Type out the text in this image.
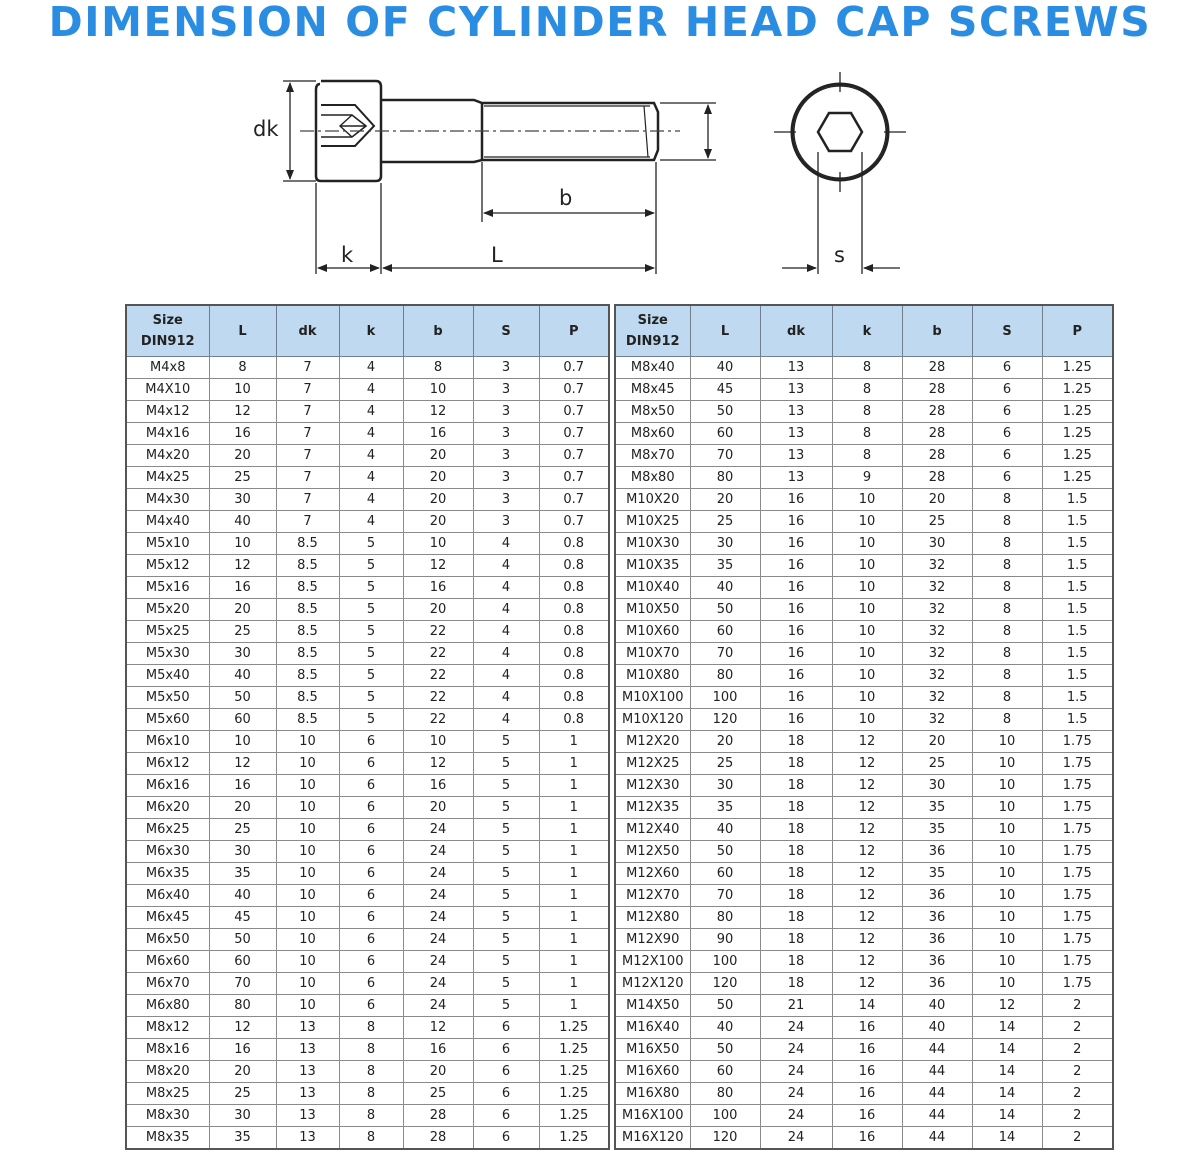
DIMENSION OF CYLINDER HEAD CAP SCREWS
dk
b
k	L	s
Size
DIN912	L	dk	k	b	S	P
M4x8	8	7	4	8	3	0.7
M4X10	10	7	4	10	3	0.7
M4x12	12	7	4	12	3	0.7
M4x16	16	7	4	16	3	0.7
M4x20	20	7	4	20	3	0.7
M4x25	25	7	4	20	3	0.7
M4x30	30	7	4	20	3	0.7
M4x40	40	7	4	20	3	0.7
M5x10	10	8.5	5	10	4	0.8
M5x12	12	8.5	5	12	4	0.8
M5x16	16	8.5	5	16	4	0.8
M5x20	20	8.5	5	20	4	0.8
M5x25	25	8.5	5	22	4	0.8
M5x30	30	8.5	5	22	4	0.8
M5x40	40	8.5	5	22	4	0.8
M5x50	50	8.5	5	22	4	0.8
M5x60	60	8.5	5	22	4	0.8
M6x10	10	10	6	10	5	1
M6x12	12	10	6	12	5	1
M6x16	16	10	6	16	5	1
M6x20	20	10	6	20	5	1
M6x25	25	10	6	24	5	1
M6x30	30	10	6	24	5	1
M6x35	35	10	6	24	5	1
M6x40	40	10	6	24	5	1
M6x45	45	10	6	24	5	1
M6x50	50	10	6	24	5	1
M6x60	60	10	6	24	5	1
M6x70	70	10	6	24	5	1
M6x80	80	10	6	24	5	1
M8x12	12	13	8	12	6	1.25
M8x16	16	13	8	16	6	1.25
M8x20	20	13	8	20	6	1.25
M8x25	25	13	8	25	6	1.25
M8x30	30	13	8	28	6	1.25
M8x35	35	13	8	28	6	1.25
Size
DIN912	L	dk	k	b	S	P
M8x40	40	13	8	28	6	1.25
M8x45	45	13	8	28	6	1.25
M8x50	50	13	8	28	6	1.25
M8x60	60	13	8	28	6	1.25
M8x70	70	13	8	28	6	1.25
M8x80	80	13	9	28	6	1.25
M10X20	20	16	10	20	8	1.5
M10X25	25	16	10	25	8	1.5
M10X30	30	16	10	30	8	1.5
M10X35	35	16	10	32	8	1.5
M10X40	40	16	10	32	8	1.5
M10X50	50	16	10	32	8	1.5
M10X60	60	16	10	32	8	1.5
M10X70	70	16	10	32	8	1.5
M10X80	80	16	10	32	8	1.5
M10X100	100	16	10	32	8	1.5
M10X120	120	16	10	32	8	1.5
M12X20	20	18	12	20	10	1.75
M12X25	25	18	12	25	10	1.75
M12X30	30	18	12	30	10	1.75
M12X35	35	18	12	35	10	1.75
M12X40	40	18	12	35	10	1.75
M12X50	50	18	12	36	10	1.75
M12X60	60	18	12	35	10	1.75
M12X70	70	18	12	36	10	1.75
M12X80	80	18	12	36	10	1.75
M12X90	90	18	12	36	10	1.75
M12X100	100	18	12	36	10	1.75
M12X120	120	18	12	36	10	1.75
M14X50	50	21	14	40	12	2
M16X40	40	24	16	40	14	2
M16X50	50	24	16	44	14	2
M16X60	60	24	16	44	14	2
M16X80	80	24	16	44	14	2
M16X100	100	24	16	44	14	2
M16X120	120	24	16	44	14	2
